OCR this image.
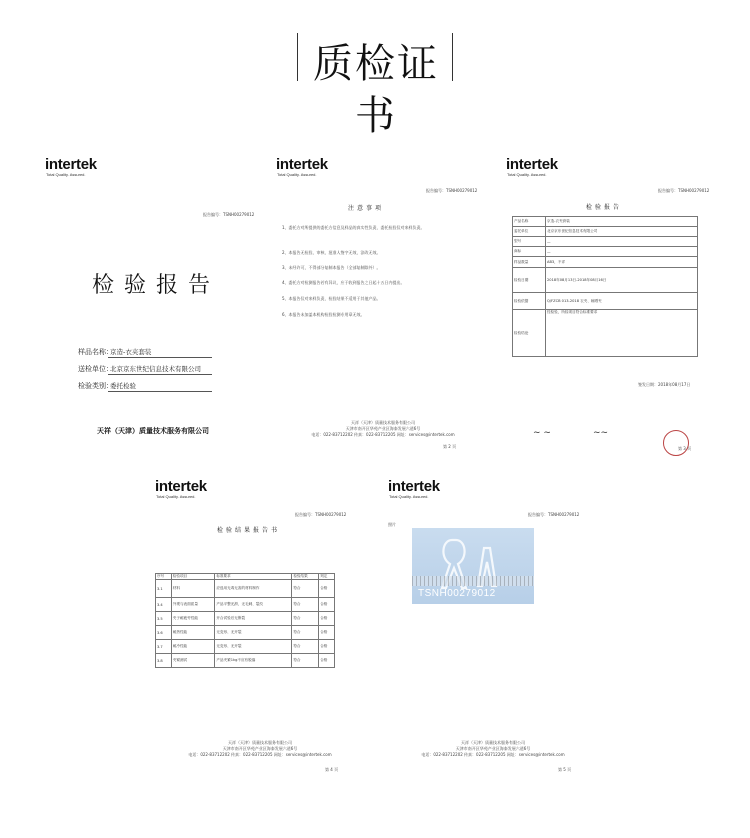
质检证书
intertek
Total Quality. Assured.
报告编号：TSNH00279012
检验报告
样品名称：
京造-衣夹套装
送检单位：
北京京东世纪信息技术有限公司
检验类别：
委托检验
天祥（天津）质量技术服务有限公司
intertek
Total Quality. Assured.
报告编号：TSNH00279012
注意事项
1、委托方对所提供的委托方信息及样品的真实性负责，委托检验仅对来样负责。
2、本报告无检验、审核、批准人签字无效，涂改无效。
3、未经许可，不得部分复制本报告（全部复制除外）。
4、委托方对检测报告若有异议，应于收到报告之日起十五日内提出。
5、本报告仅对来样负责，检验结果不适用于其他产品。
6、本报告未加盖本机构检验检测专用章无效。
天祥（天津）质量技术服务有限公司
天津市南开区华苑产业区海泰发展六道6号
电话：022-83712202 传真：022-83712205 网址：services@intertek.com
第 2 页
intertek
Total Quality. Assured.
报告编号：TSNH00279012
检验报告
产品名称	京造-衣夹套装
委托单位	北京京东世纪信息技术有限公司
型号	—
商标	—
样品数量	AB3，不详
检验日期	2018年08月13日-2018年08月16日
检验依据	Q/FZCB 013-2018 衣夹、晾晒夹
检验结论	经检验，所检项目符合标准要求
签发日期：2018年08月17日
~ ~	~~
第 3 页
intertek
Total Quality. Assured.
报告编号：TSNH00279012
检验结果报告书
序号	检验项目	标准要求	检验结果	判定
3.1	材料	应选用无毒无害的材料制作	符合	合格
3.4	外观与表面质量	产品平整光滑，无毛刺、裂纹	符合	合格
3.5	夹子耐疲劳性能	开合试验后无断裂	符合	合格
3.6	耐热性能	无变形、无开裂	符合	合格
3.7	耐冷性能	无变形、无开裂	符合	合格
3.8	夹紧测试	产品夹紧1kg不应有脱落	符合	合格
天祥（天津）质量技术服务有限公司
天津市南开区华苑产业区海泰发展六道6号
电话：022-83712202 传真：022-83712205 网址：services@intertek.com
第 4 页
intertek
Total Quality. Assured.
报告编号：TSNH00279012
照片
TSNH00279012
天祥（天津）质量技术服务有限公司
天津市南开区华苑产业区海泰发展六道6号
电话：022-83712202 传真：022-83712205 网址：services@intertek.com
第 5 页
